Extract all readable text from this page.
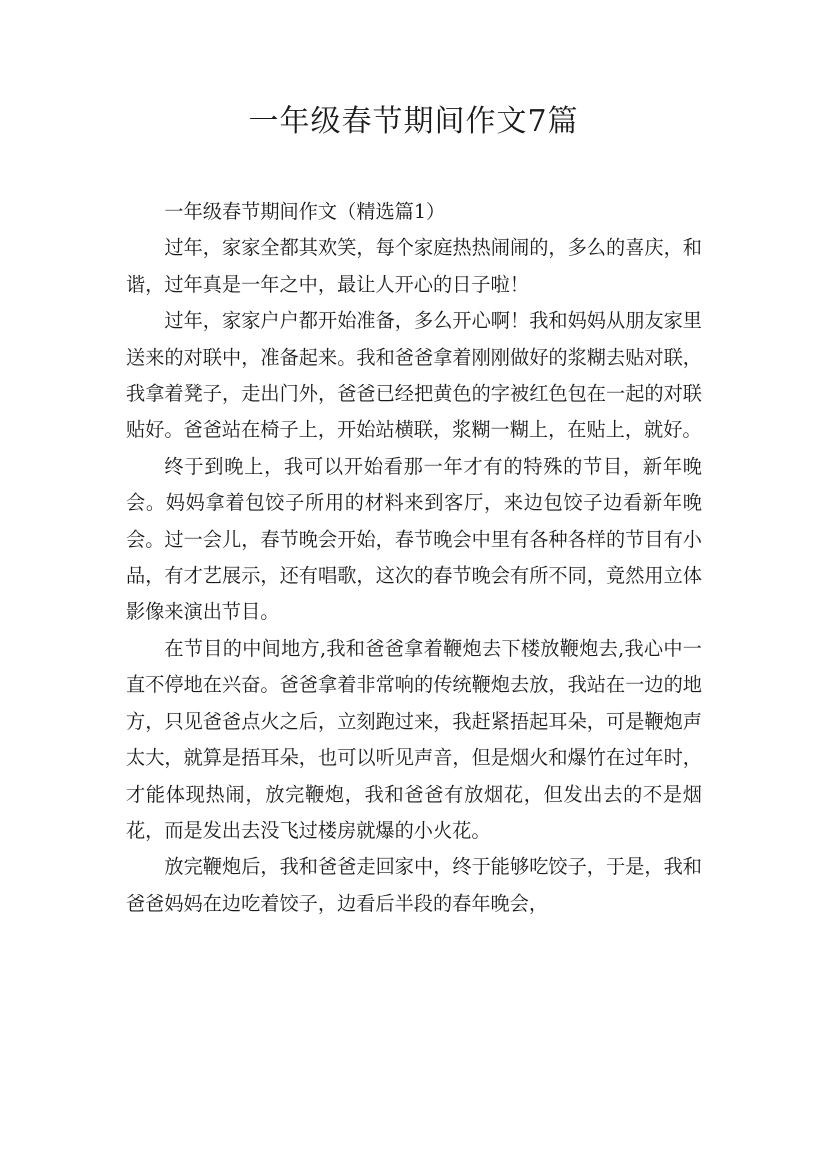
一年级春节期间作文7篇

一年级春节期间作文（精选篇1）

过年，家家全都其欢笑，每个家庭热热闹闹的，多么的喜庆，和谐，过年真是一年之中，最让人开心的日子啦！

过年，家家户户都开始准备，多么开心啊！我和妈妈从朋友家里送来的对联中，准备起来。我和爸爸拿着刚刚做好的浆糊去贴对联，我拿着凳子，走出门外，爸爸已经把黄色的字被红色包在一起的对联贴好。爸爸站在椅子上，开始站横联，浆糊一糊上，在贴上，就好。

终于到晚上，我可以开始看那一年才有的特殊的节目，新年晚会。妈妈拿着包饺子所用的材料来到客厅，来边包饺子边看新年晚会。过一会儿，春节晚会开始，春节晚会中里有各种各样的节目有小品，有才艺展示，还有唱歌，这次的春节晚会有所不同，竟然用立体影像来演出节目。

在节目的中间地方,我和爸爸拿着鞭炮去下楼放鞭炮去,我心中一直不停地在兴奋。爸爸拿着非常响的传统鞭炮去放，我站在一边的地方，只见爸爸点火之后，立刻跑过来，我赶紧捂起耳朵，可是鞭炮声太大，就算是捂耳朵，也可以听见声音，但是烟火和爆竹在过年时，才能体现热闹，放完鞭炮，我和爸爸有放烟花，但发出去的不是烟花，而是发出去没飞过楼房就爆的小火花。

放完鞭炮后，我和爸爸走回家中，终于能够吃饺子，于是，我和爸爸妈妈在边吃着饺子，边看后半段的春年晚会，
